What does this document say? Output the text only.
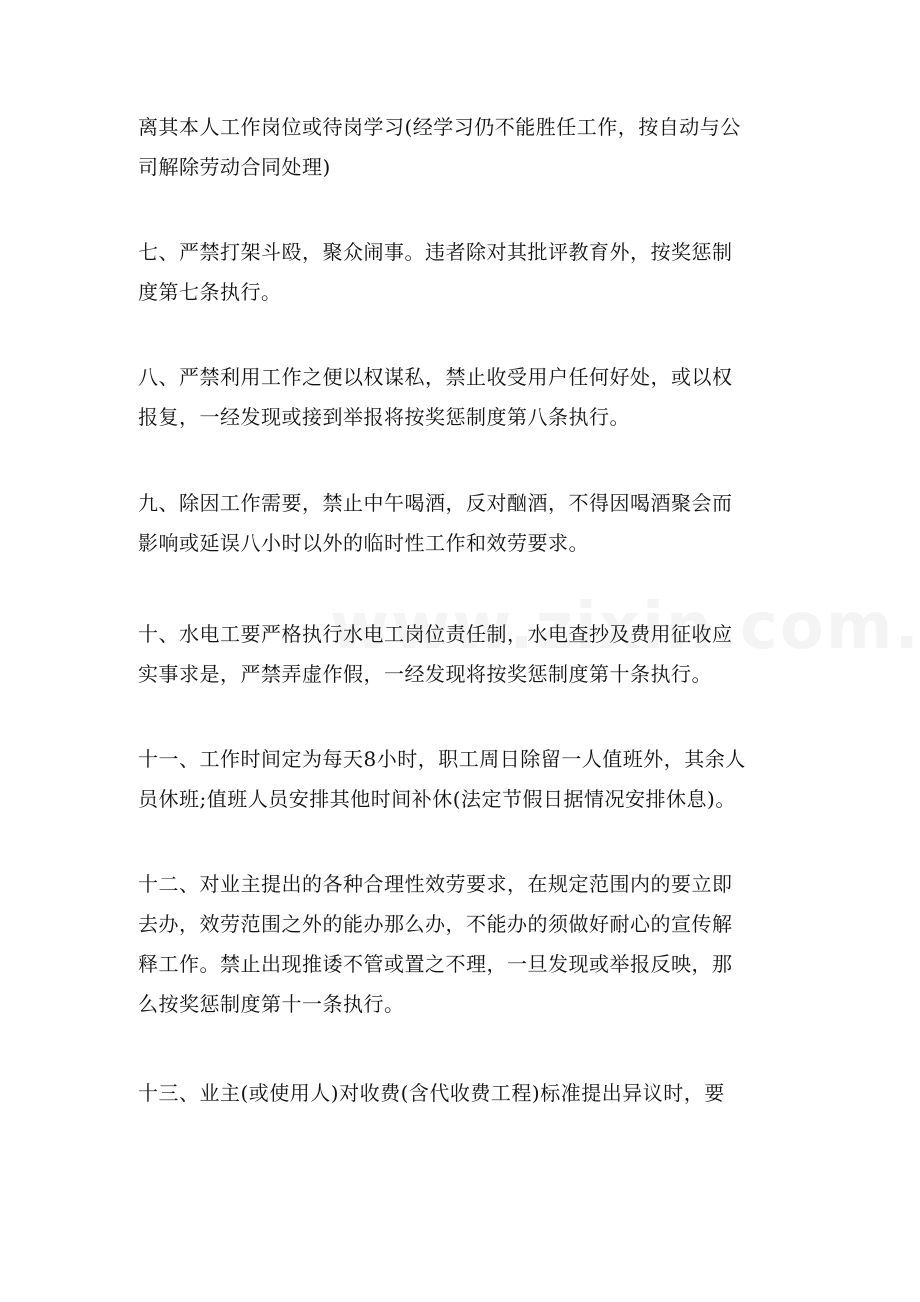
离其本人工作岗位或待岗学习(经学习仍不能胜任工作，按自动与公
司解除劳动合同处理)
七、严禁打架斗殴，聚众闹事。违者除对其批评教育外，按奖惩制
度第七条执行。
八、严禁利用工作之便以权谋私，禁止收受用户任何好处，或以权
报复，一经发现或接到举报将按奖惩制度第八条执行。
九、除因工作需要，禁止中午喝酒，反对酗酒，不得因喝酒聚会而
影响或延误八小时以外的临时性工作和效劳要求。
十、水电工要严格执行水电工岗位责任制，水电查抄及费用征收应
实事求是，严禁弄虚作假，一经发现将按奖惩制度第十条执行。
十一、工作时间定为每天8小时，职工周日除留一人值班外，其余人
员休班;值班人员安排其他时间补休(法定节假日据情况安排休息)。
十二、对业主提出的各种合理性效劳要求，在规定范围内的要立即
去办，效劳范围之外的能办那么办，不能办的须做好耐心的宣传解
释工作。禁止出现推诿不管或置之不理，一旦发现或举报反映，那
么按奖惩制度第十一条执行。
十三、业主(或使用人)对收费(含代收费工程)标准提出异议时，要
